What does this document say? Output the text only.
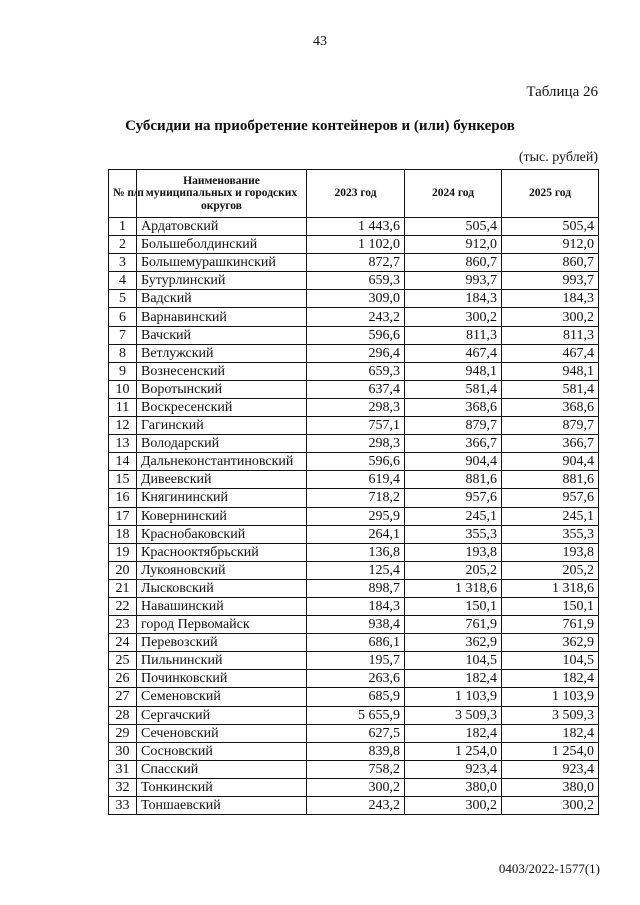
43
Таблица 26
Субсидии на приобретение контейнеров и (или) бункеров
(тыс. рублей)
№ п/п	Наименование муниципальных и городских округов	2023 год	2024 год	2025 год
1	Ардатовский	1 443,6	505,4	505,4
2	Большеболдинский	1 102,0	912,0	912,0
3	Большемурашкинский	872,7	860,7	860,7
4	Бутурлинский	659,3	993,7	993,7
5	Вадский	309,0	184,3	184,3
6	Варнавинский	243,2	300,2	300,2
7	Вачский	596,6	811,3	811,3
8	Ветлужский	296,4	467,4	467,4
9	Вознесенский	659,3	948,1	948,1
10	Воротынский	637,4	581,4	581,4
11	Воскресенский	298,3	368,6	368,6
12	Гагинский	757,1	879,7	879,7
13	Володарский	298,3	366,7	366,7
14	Дальнеконстантиновский	596,6	904,4	904,4
15	Дивеевский	619,4	881,6	881,6
16	Княгининский	718,2	957,6	957,6
17	Ковернинский	295,9	245,1	245,1
18	Краснобаковский	264,1	355,3	355,3
19	Краснооктябрьский	136,8	193,8	193,8
20	Лукояновский	125,4	205,2	205,2
21	Лысковский	898,7	1 318,6	1 318,6
22	Навашинский	184,3	150,1	150,1
23	город Первомайск	938,4	761,9	761,9
24	Перевозский	686,1	362,9	362,9
25	Пильнинский	195,7	104,5	104,5
26	Починковский	263,6	182,4	182,4
27	Семеновский	685,9	1 103,9	1 103,9
28	Сергачский	5 655,9	3 509,3	3 509,3
29	Сеченовский	627,5	182,4	182,4
30	Сосновский	839,8	1 254,0	1 254,0
31	Спасский	758,2	923,4	923,4
32	Тонкинский	300,2	380,0	380,0
33	Тоншаевский	243,2	300,2	300,2
0403/2022-1577(1)
